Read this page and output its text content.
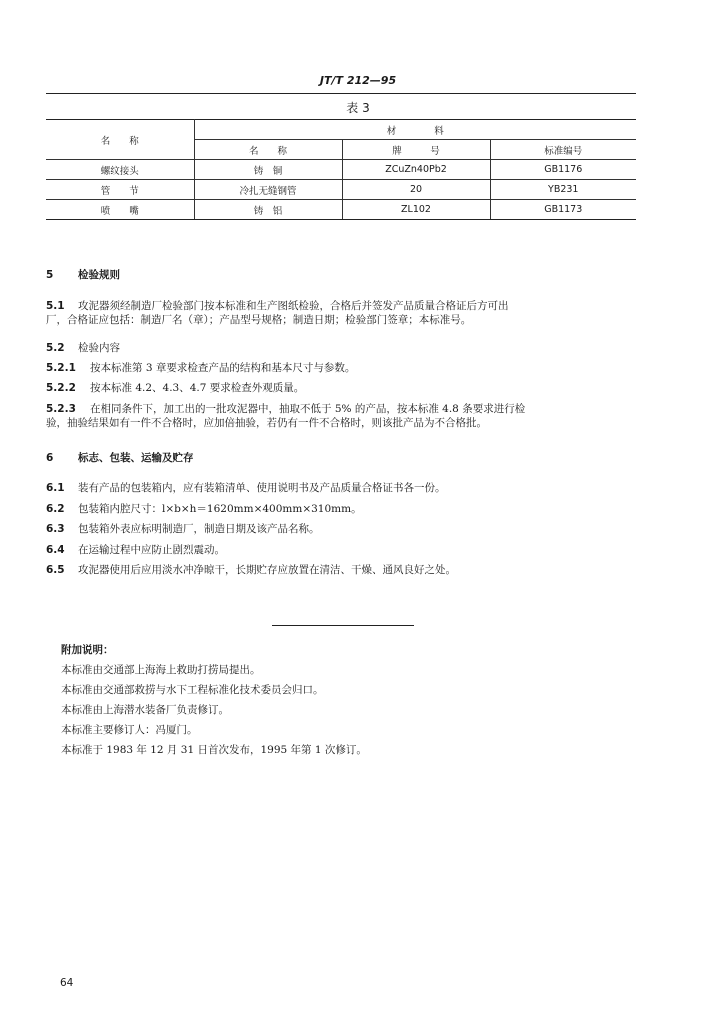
JT/T 212—95
表 3
名　　称	材　　　　料		
	名　　称	牌　　　号	标准编号
螺纹接头	铸　铜	ZCuZn40Pb2	GB1176
管　　节	冷扎无缝钢管	20	YB231
喷　　嘴	铸　铝	ZL102	GB1173

5 检验规则

5.1 攻泥器须经制造厂检验部门按本标准和生产图纸检验，合格后并签发产品质量合格证后方可出

厂，合格证应包括：制造厂名（章）；产品型号规格；制造日期；检验部门签章；本标准号。

5.2 检验内容

5.2.1 按本标准第 3 章要求检查产品的结构和基本尺寸与参数。

5.2.2 按本标准 4.2、4.3、4.7 要求检查外观质量。

5.2.3 在相同条件下，加工出的一批攻泥器中，抽取不低于 5% 的产品，按本标准 4.8 条要求进行检

验，抽验结果如有一件不合格时，应加倍抽验，若仍有一件不合格时，则该批产品为不合格批。

6 标志、包装、运输及贮存

6.1 装有产品的包装箱内，应有装箱清单、使用说明书及产品质量合格证书各一份。

6.2 包装箱内腔尺寸：l×b×h＝1620mm×400mm×310mm。

6.3 包装箱外表应标明制造厂，制造日期及该产品名称。

6.4 在运输过程中应防止剧烈震动。

6.5 攻泥器使用后应用淡水冲净晾干，长期贮存应放置在清洁、干燥、通风良好之处。

附加说明：
本标准由交通部上海海上救助打捞局提出。
本标准由交通部救捞与水下工程标准化技术委员会归口。
本标准由上海潜水装备厂负责修订。
本标准主要修订人：冯厦门。
本标准于 1983 年 12 月 31 日首次发布，1995 年第 1 次修订。
64
